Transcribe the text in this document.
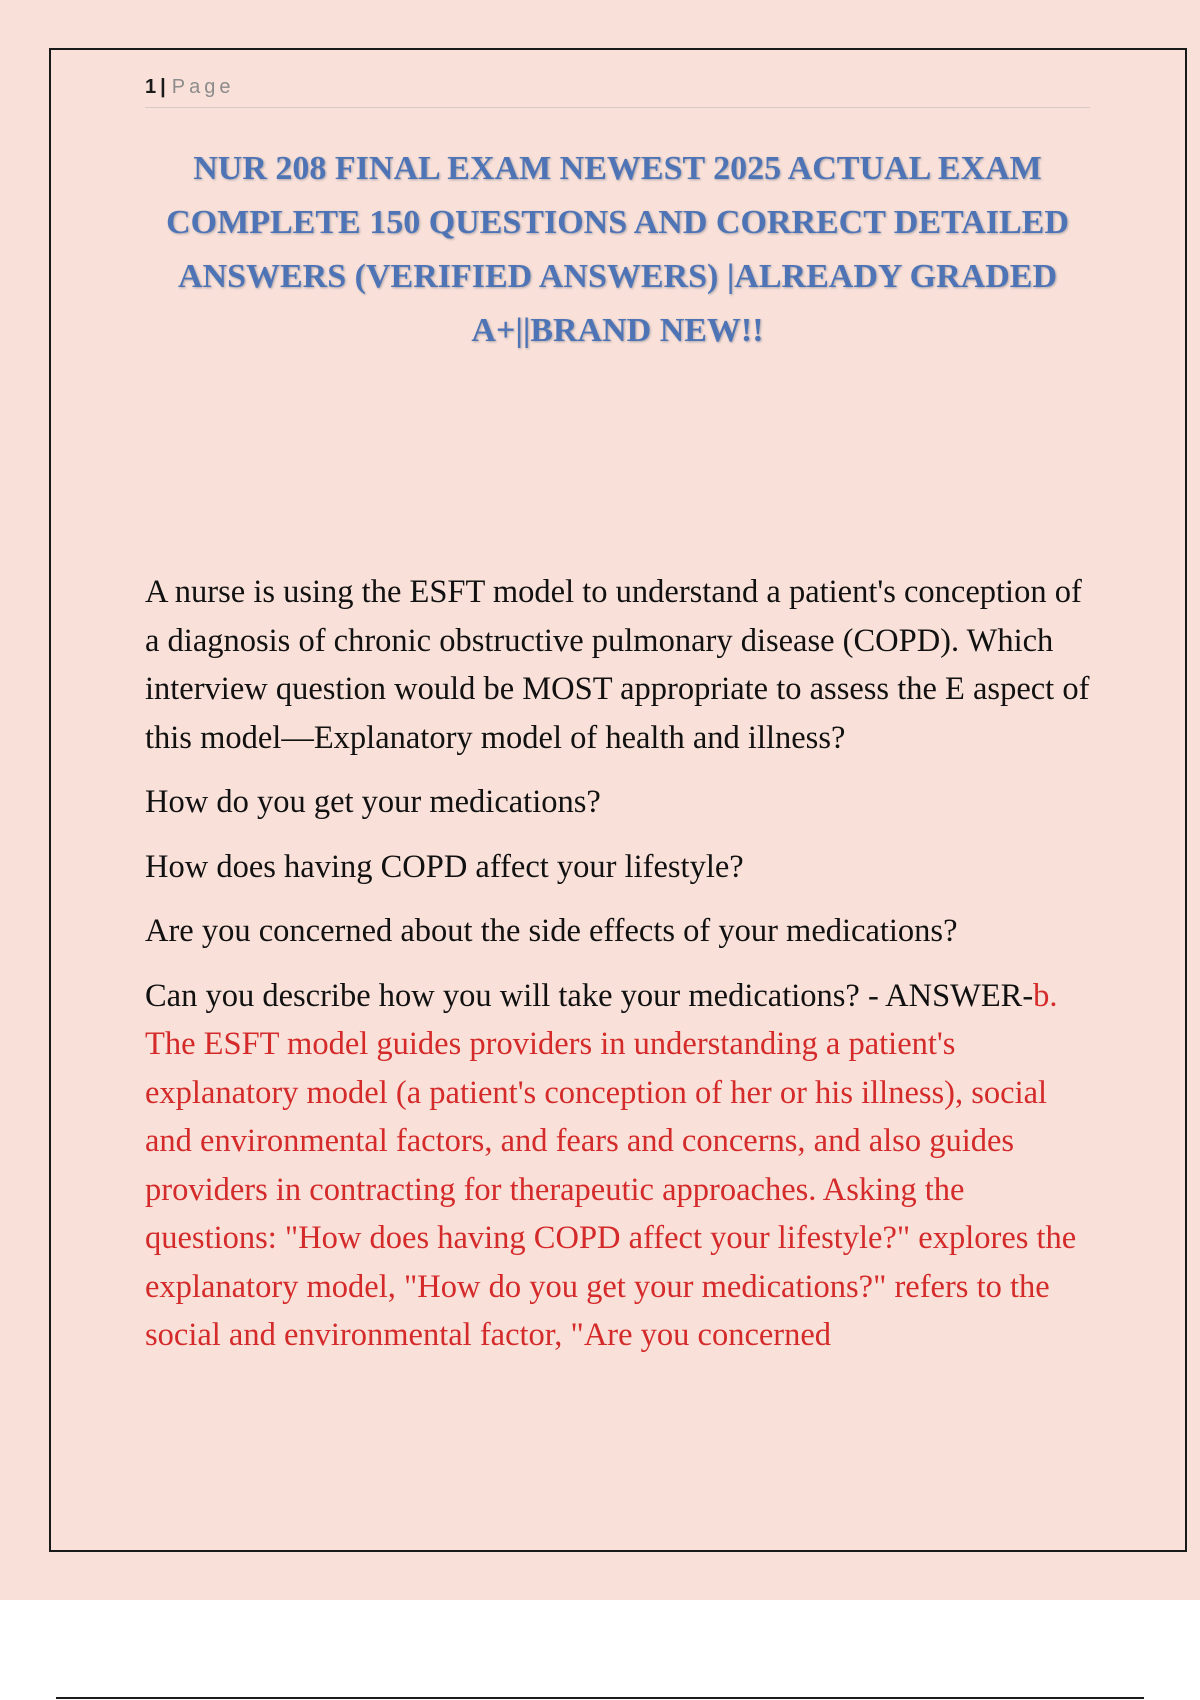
1 | Page
NUR 208 FINAL EXAM NEWEST 2025 ACTUAL EXAM COMPLETE 150 QUESTIONS AND CORRECT DETAILED ANSWERS (VERIFIED ANSWERS) |ALREADY GRADED A+||BRAND NEW!!

A nurse is using the ESFT model to understand a patient's conception of a diagnosis of chronic obstructive pulmonary disease (COPD). Which interview question would be MOST appropriate to assess the E aspect of this model—Explanatory model of health and illness?

How do you get your medications?

How does having COPD affect your lifestyle?

Are you concerned about the side effects of your medications?

Can you describe how you will take your medications? - ANSWER-b. The ESFT model guides providers in understanding a patient's explanatory model (a patient's conception of her or his illness), social and environmental factors, and fears and concerns, and also guides providers in contracting for therapeutic approaches. Asking the questions: "How does having COPD affect your lifestyle?" explores the explanatory model, "How do you get your medications?" refers to the social and environmental factor, "Are you concerned
